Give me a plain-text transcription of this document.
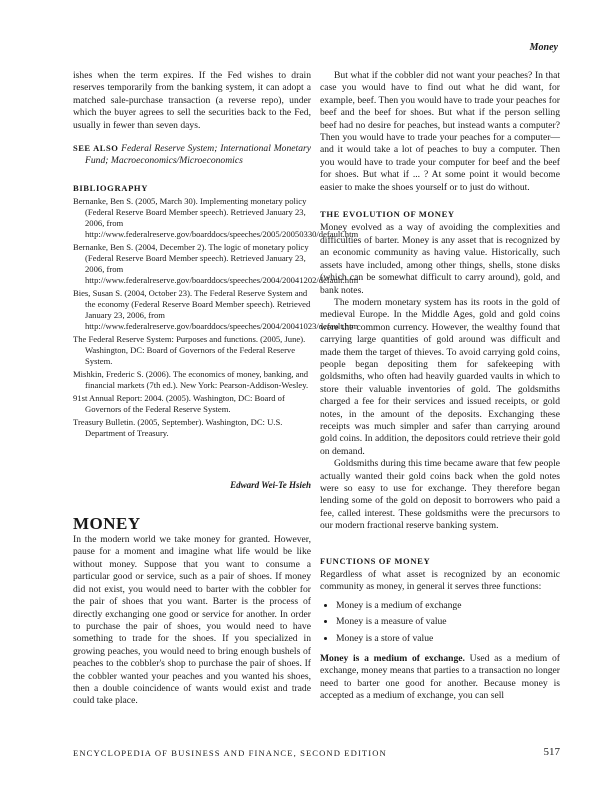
Money

ishes when the term expires. If the Fed wishes to drain reserves temporarily from the banking system, it can adopt a matched sale-purchase transaction (a reverse repo), under which the buyer agrees to sell the securities back to the Fed, usually in fewer than seven days.

SEE ALSO Federal Reserve System; International Monetary Fund; Macroeconomics/Microeconomics

BIBLIOGRAPHY
Bernanke, Ben S. (2005, March 30). Implementing monetary policy (Federal Reserve Board Member speech). Retrieved January 23, 2006, from http://www.federalreserve.gov/boarddocs/speeches/2005/20050330/default.htm
Bernanke, Ben S. (2004, December 2). The logic of monetary policy (Federal Reserve Board Member speech). Retrieved January 23, 2006, from http://www.federalreserve.gov/boarddocs/speeches/2004/20041202/default.htm
Bies, Susan S. (2004, October 23). The Federal Reserve System and the economy (Federal Reserve Board Member speech). Retrieved January 23, 2006, from http://www.federalreserve.gov/boarddocs/speeches/2004/20041023/default.htm
The Federal Reserve System: Purposes and functions. (2005, June). Washington, DC: Board of Governors of the Federal Reserve System.
Mishkin, Frederic S. (2006). The economics of money, banking, and financial markets (7th ed.). New York: Pearson-Addison-Wesley.
91st Annual Report: 2004. (2005). Washington, DC: Board of Governors of the Federal Reserve System.
Treasury Bulletin. (2005, September). Washington, DC: U.S. Department of Treasury.
Edward Wei-Te Hsieh
MONEY

In the modern world we take money for granted. However, pause for a moment and imagine what life would be like without money. Suppose that you want to consume a particular good or service, such as a pair of shoes. If money did not exist, you would need to barter with the cobbler for the pair of shoes that you want. Barter is the process of directly exchanging one good or service for another. In order to purchase the pair of shoes, you would need to have something to trade for the shoes. If you specialized in growing peaches, you would need to bring enough bushels of peaches to the cobbler's shop to purchase the pair of shoes. If the cobbler wanted your peaches and you wanted his shoes, then a double coincidence of wants would exist and trade could take place.

But what if the cobbler did not want your peaches? In that case you would have to find out what he did want, for example, beef. Then you would have to trade your peaches for beef and the beef for shoes. But what if the person selling beef had no desire for peaches, but instead wants a computer? Then you would have to trade your peaches for a computer—and it would take a lot of peaches to buy a computer. Then you would have to trade your computer for beef and the beef for shoes. But what if ... ? At some point it would become easier to make the shoes yourself or to just do without.

THE EVOLUTION OF MONEY

Money evolved as a way of avoiding the complexities and difficulties of barter. Money is any asset that is recognized by an economic community as having value. Historically, such assets have included, among other things, shells, stone disks (which can be somewhat difficult to carry around), gold, and bank notes.

The modern monetary system has its roots in the gold of medieval Europe. In the Middle Ages, gold and gold coins were the common currency. However, the wealthy found that carrying large quantities of gold around was difficult and made them the target of thieves. To avoid carrying gold coins, people began depositing them for safekeeping with goldsmiths, who often had heavily guarded vaults in which to store their valuable inventories of gold. The goldsmiths charged a fee for their services and issued receipts, or gold notes, in the amount of the deposits. Exchanging these receipts was much simpler and safer than carrying around gold coins. In addition, the depositors could retrieve their gold on demand.

Goldsmiths during this time became aware that few people actually wanted their gold coins back when the gold notes were so easy to use for exchange. They therefore began lending some of the gold on deposit to borrowers who paid a fee, called interest. These goldsmiths were the precursors to our modern fractional reserve banking system.

FUNCTIONS OF MONEY

Regardless of what asset is recognized by an economic community as money, in general it serves three functions:

• Money is a medium of exchange
• Money is a measure of value
• Money is a store of value

Money is a medium of exchange. Used as a medium of exchange, money means that parties to a transaction no longer need to barter one good for another. Because money is accepted as a medium of exchange, you can sell

ENCYCLOPEDIA OF BUSINESS AND FINANCE, SECOND EDITION	517
